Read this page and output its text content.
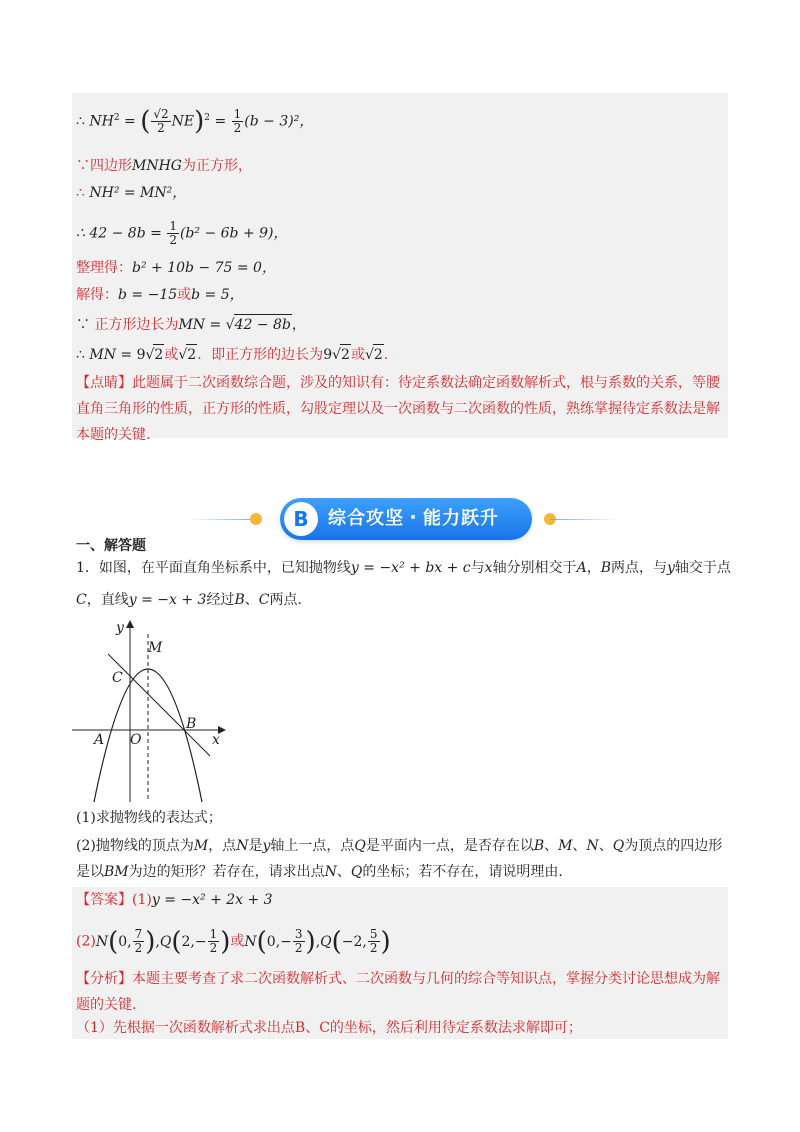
∴ $NH^2$ = ( $\frac{√2}{2} NE)^2 = \frac{1}{2} (b - 3)^2$，
∵四边形MNHG为正方形，
∴ NH² = MN²，
∴ $42 - 8b = \frac{1}{2} (b^2 - 6b + 9)$，
整理得：b² + 10b − 75 = 0，
解得：b = −15或b = 5，
∵ 正方形边长为MN = √42 − 8b，
∴ MN = 9√2或√2．即正方形的边长为9√2或√2.
【点睛】此题属于二次函数综合题，涉及的知识有：待定系数法确定函数解析式，根与系数的关系，等腰直角三角形的性质，正方形的性质，勾股定理以及一次函数与二次函数的性质，熟练掌握待定系数法是解本题的关键.
B	综合攻坚・能力跃升
一、解答题
1．如图，在平面直角坐标系中，已知抛物线y = −x² + bx + c与x轴分别相交于A，B两点，与y轴交于点
C，直线y = −x + 3经过B、C两点.
y
x
M
C
B
A O
(1)求抛物线的表达式；
(2)抛物线的顶点为M，点N是y轴上一点，点Q是平面内一点，是否存在以B、M、N、Q为顶点的四边形是以BM为边的矩形？若存在，请求出点N、Q的坐标；若不存在，请说明理由.
【答案】(1)y = −x² + 2x + 3
(2)N(0, $\frac{7}{2} ),Q(2,- \frac{1}{2}$ )或$N(0,- \frac{3}{2} ),Q(-2$, $\frac{5}{2}$ )
【分析】本题主要考查了求二次函数解析式、二次函数与几何的综合等知识点，掌握分类讨论思想成为解题的关键.
（1）先根据一次函数解析式求出点B、C的坐标，然后利用待定系数法求解即可；
